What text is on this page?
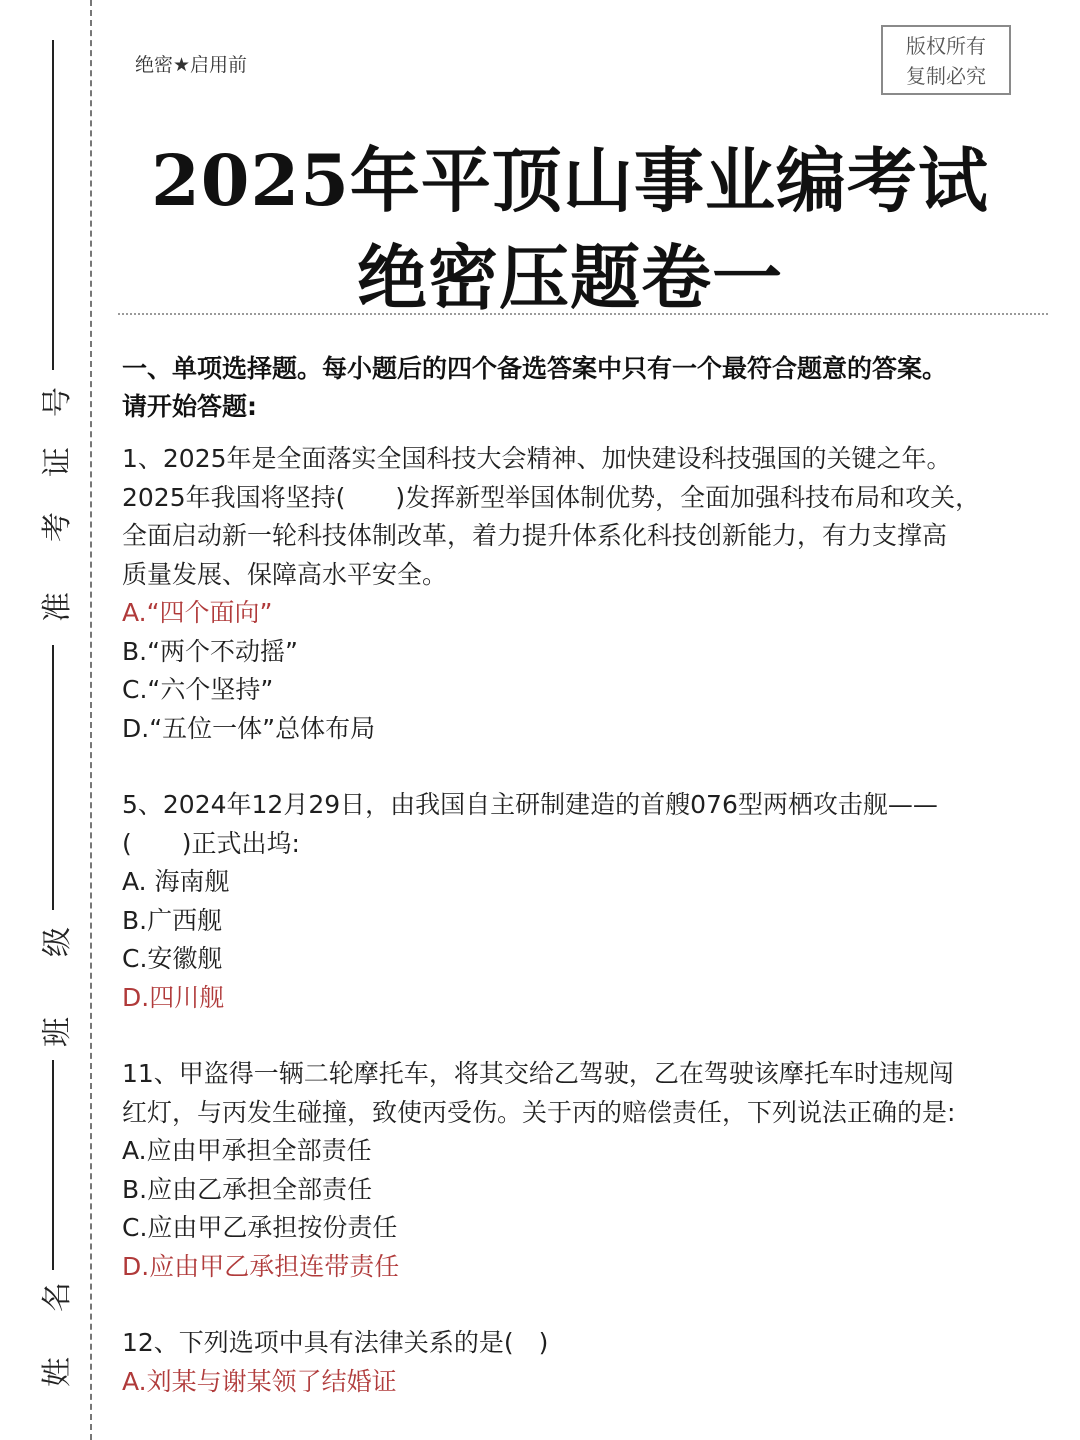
号
证
考
准
级
班
名
姓
绝密★启用前
版权所有
复制必究
2025年平顶山事业编考试
绝密压题卷一
一、单项选择题。每小题后的四个备选答案中只有一个最符合题意的答案。
请开始答题:
1、2025年是全面落实全国科技大会精神、加快建设科技强国的关键之年。
2025年我国将坚持(　　)发挥新型举国体制优势，全面加强科技布局和攻关，
全面启动新一轮科技体制改革，着力提升体系化科技创新能力，有力支撑高
质量发展、保障高水平安全。
A.“四个面向”
B.“两个不动摇”
C.“六个坚持”
D.“五位一体”总体布局
5、2024年12月29日，由我国自主研制建造的首艘076型两栖攻击舰——
(　　)正式出坞:
A. 海南舰
B.广西舰
C.安徽舰
D.四川舰
11、甲盗得一辆二轮摩托车，将其交给乙驾驶，乙在驾驶该摩托车时违规闯
红灯，与丙发生碰撞，致使丙受伤。关于丙的赔偿责任，下列说法正确的是:
A.应由甲承担全部责任
B.应由乙承担全部责任
C.应由甲乙承担按份责任
D.应由甲乙承担连带责任
12、下列选项中具有法律关系的是(　)
A.刘某与谢某领了结婚证
